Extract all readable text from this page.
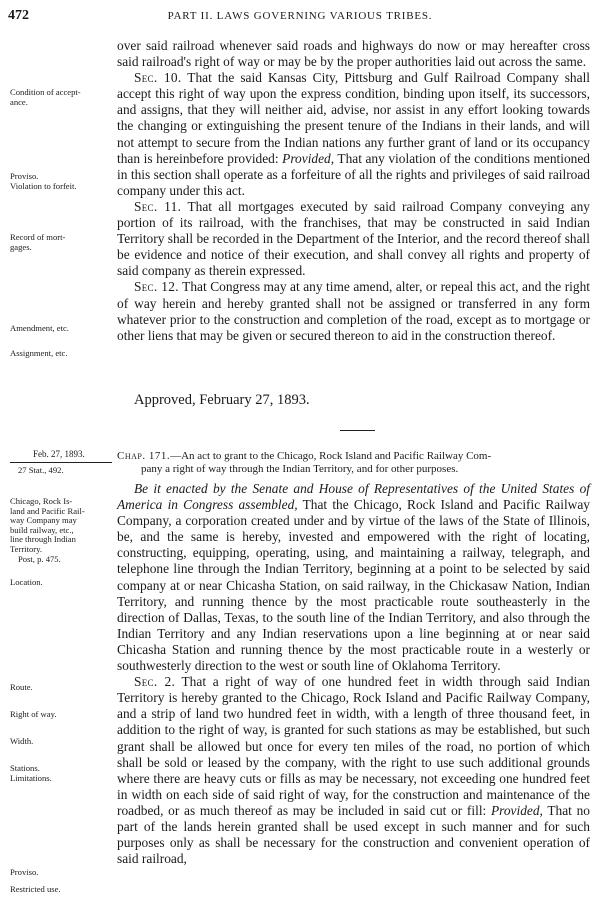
472	PART II. LAWS GOVERNING VARIOUS TRIBES.

over said railroad whenever said roads and highways do now or may hereafter cross said railroad's right of way or may be by the proper authorities laid out across the same.

Sec. 10. That the said Kansas City, Pittsburg and Gulf Railroad Company shall accept this right of way upon the express condition, binding upon itself, its successors, and assigns, that they will neither aid, advise, nor assist in any effort looking towards the changing or extinguishing the present tenure of the Indians in their lands, and will not attempt to secure from the Indian nations any further grant of land or its occupancy than is hereinbefore provided: Provided, That any violation of the conditions mentioned in this section shall operate as a forfeiture of all the rights and privileges of said railroad company under this act.

Sec. 11. That all mortgages executed by said railroad Company conveying any portion of its railroad, with the franchises, that may be constructed in said Indian Territory shall be recorded in the Department of the Interior, and the record thereof shall be evidence and notice of their execution, and shall convey all rights and property of said company as therein expressed.

Sec. 12. That Congress may at any time amend, alter, or repeal this act, and the right of way herein and hereby granted shall not be assigned or transferred in any form whatever prior to the construction and completion of the road, except as to mortgage or other liens that may be given or secured thereon to aid in the construction thereof.

Approved, February 27, 1893.
Condition of accept-
ance.
Proviso.
Violation to forfeit.
Record of mort-
gages.
Amendment, etc.
Assignment, etc.
Feb. 27, 1893.
27 Stat., 492.
Chap. 171.—An act to grant to the Chicago, Rock Island and Pacific Railway Com-
pany a right of way through the Indian Territory, and for other purposes.

Be it enacted by the Senate and House of Representatives of the United States of America in Congress assembled, That the Chicago, Rock Island and Pacific Railway Company, a corporation created under and by virtue of the laws of the State of Illinois, be, and the same is hereby, invested and empowered with the right of locating, constructing, equipping, operating, using, and maintaining a railway, telegraph, and telephone line through the Indian Territory, beginning at a point to be selected by said company at or near Chicasha Station, on said railway, in the Chickasaw Nation, Indian Territory, and running thence by the most practicable route southeasterly in the direction of Dallas, Texas, to the south line of the Indian Territory, and also through the Indian Territory and any Indian reservations upon a line beginning at or near said Chicasha Station and running thence by the most practicable route in a westerly or southwesterly direction to the west or south line of Oklahoma Territory.

Sec. 2. That a right of way of one hundred feet in width through said Indian Territory is hereby granted to the Chicago, Rock Island and Pacific Railway Company, and a strip of land two hundred feet in width, with a length of three thousand feet, in addition to the right of way, is granted for such stations as may be established, but such grant shall be allowed but once for every ten miles of the road, no portion of which shall be sold or leased by the company, with the right to use such additional grounds where there are heavy cuts or fills as may be necessary, not exceeding one hundred feet in width on each side of said right of way, for the construction and maintenance of the roadbed, or as much thereof as may be included in said cut or fill: Provided, That no part of the lands herein granted shall be used except in such manner and for such purposes only as shall be necessary for the construction and convenient operation of said railroad,

Chicago, Rock Is-
land and Pacific Rail-
way Company may
build railway, etc.,
line through Indian
Territory.
Post, p. 475.
Location.
Route.
Right of way.
Width.
Stations.
Limitations.
Proviso.
Restricted use.
